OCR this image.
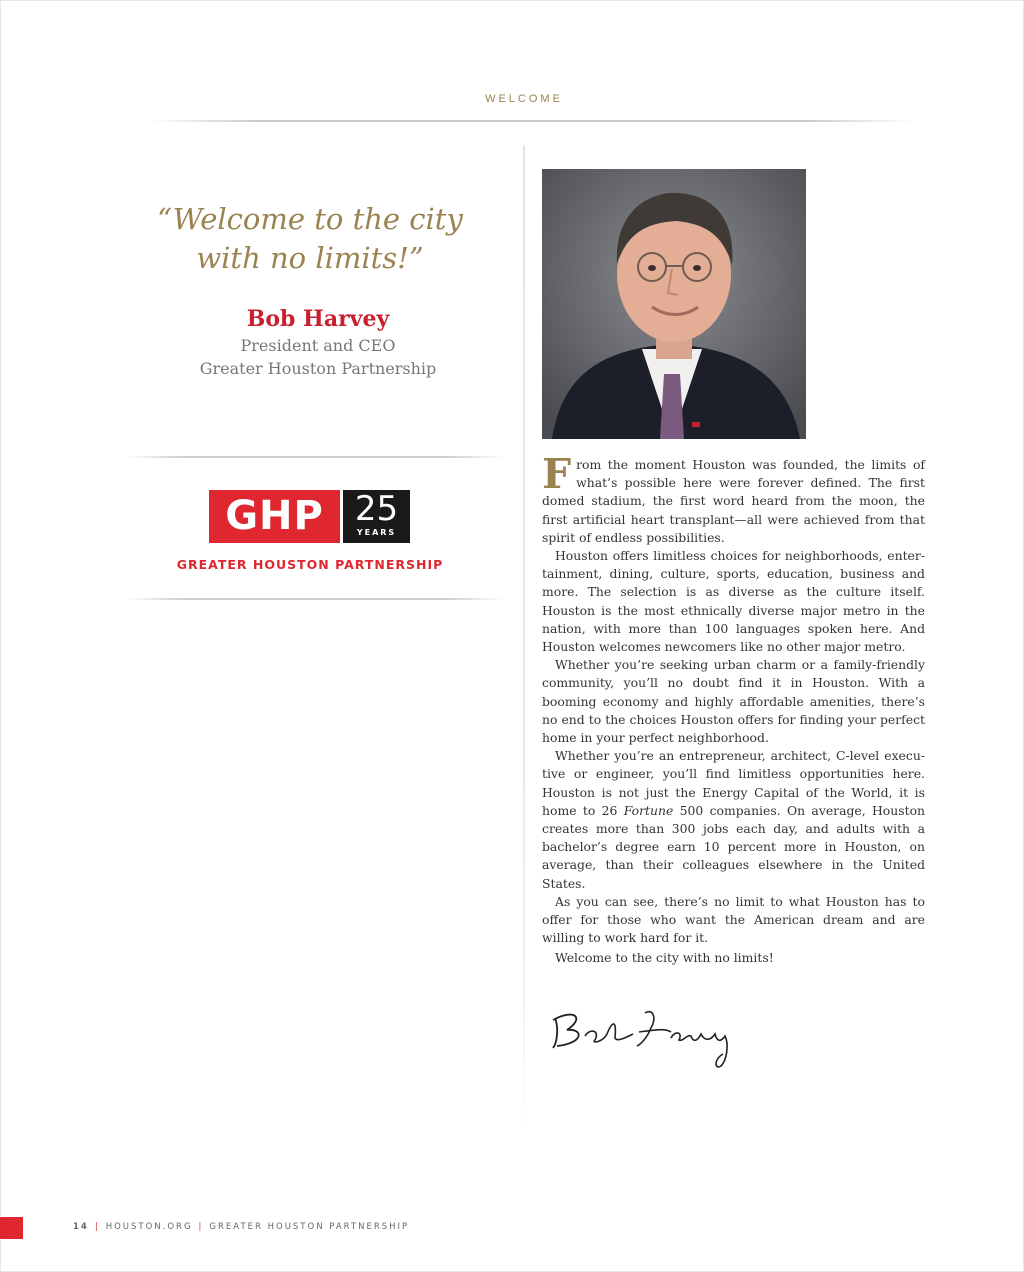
WELCOME
“Welcome to the city
with no limits!”
Bob Harvey
President and CEO
Greater Houston Partnership
GHP 25
YEARS
GREATER HOUSTON PARTNERSHIP

From the moment Houston was founded, the limits of what’s possible here were forever defined. The first domed stadium, the first word heard from the moon, the first artificial heart transplant—all were achieved from that spirit of endless possibilities.

Houston offers limitless choices for neighborhoods, entertainment, dining, culture, sports, education, business and more. The selection is as diverse as the culture itself. Houston is the most ethnically diverse major metro in the nation, with more than 100 languages spoken here. And Houston welcomes newcomers like no other major metro.

Whether you’re seeking urban charm or a family-friendly community, you’ll no doubt find it in Houston. With a booming economy and highly affordable amenities, there’s no end to the choices Houston offers for finding your perfect home in your perfect neighborhood.

Whether you’re an entrepreneur, architect, C-level executive or engineer, you’ll find limitless opportunities here. Houston is not just the Energy Capital of the World, it is home to 26 Fortune 500 companies. On average, Houston creates more than 300 jobs each day, and adults with a bachelor’s degree earn 10 percent more in Houston, on average, than their colleagues elsewhere in the United States.

As you can see, there’s no limit to what Houston has to offer for those who want the American dream and are willing to work hard for it.

Welcome to the city with no limits!
14 | HOUSTON.ORG | GREATER HOUSTON PARTNERSHIP
